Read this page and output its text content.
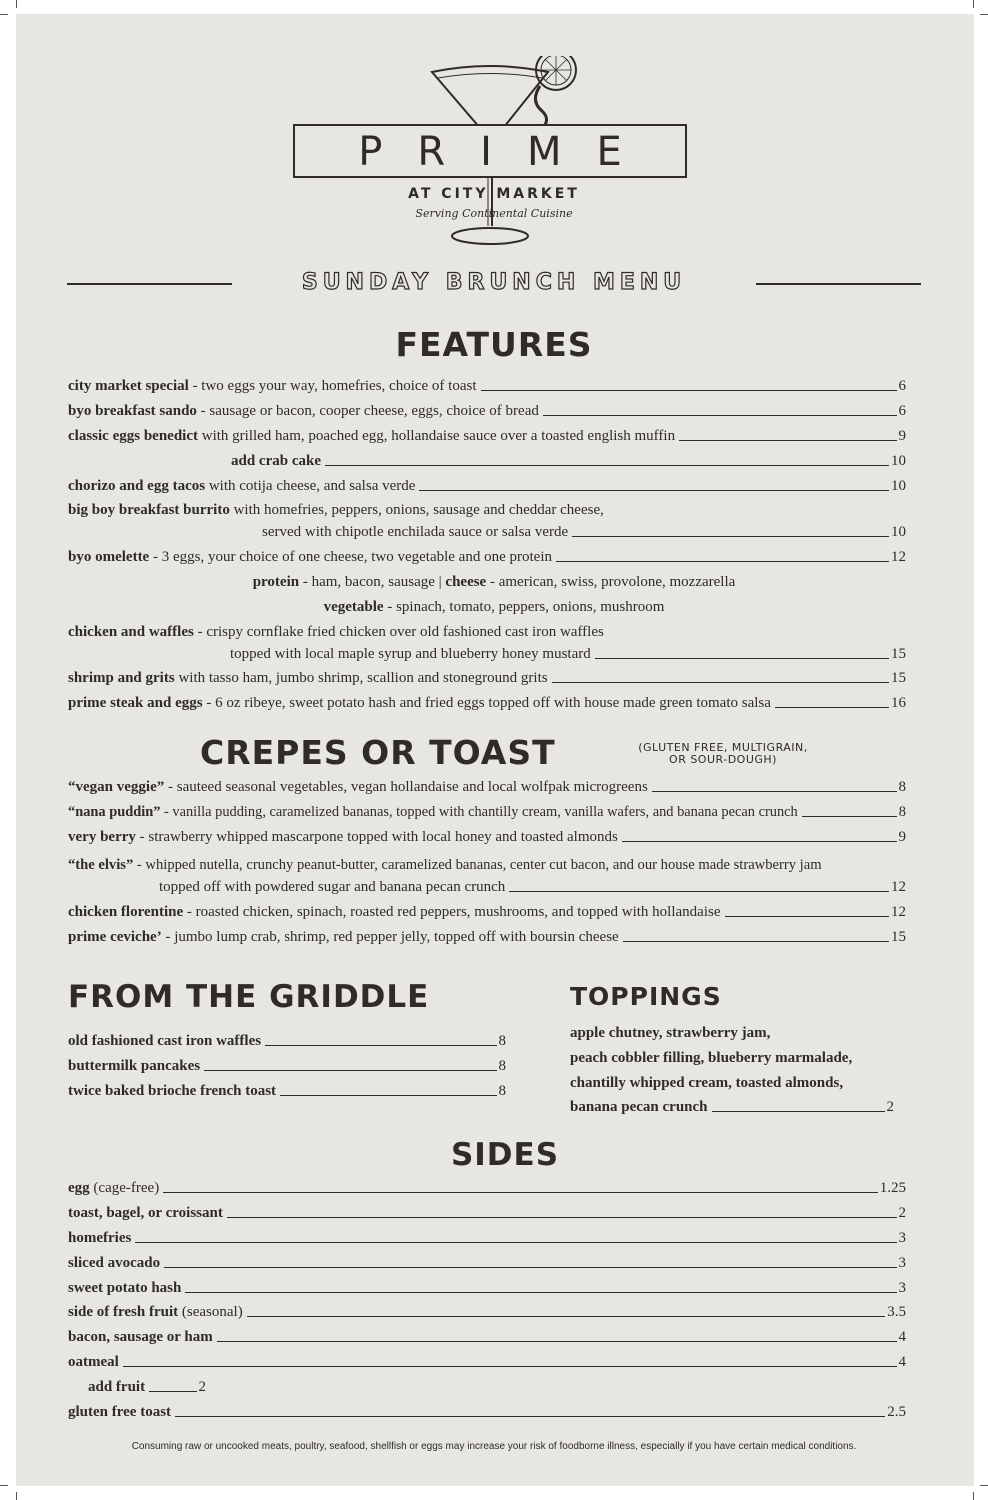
PRIME
AT CITY MARKET
Serving Continental Cuisine
SUNDAY BRUNCH MENU
FEATURES
city market special - two eggs your way, homefries, choice of toast	6
byo breakfast sando - sausage or bacon, cooper cheese, eggs, choice of bread	6
classic eggs benedict with grilled ham, poached egg, hollandaise sauce over a toasted english muffin	9
add crab cake	10
chorizo and egg tacos with cotija cheese, and salsa verde	10
big boy breakfast burrito with homefries, peppers, onions, sausage and cheddar cheese,
served with chipotle enchilada sauce or salsa verde	10
byo omelette - 3 eggs, your choice of one cheese, two vegetable and one protein	12
protein - ham, bacon, sausage | cheese - american, swiss, provolone, mozzarella
vegetable - spinach, tomato, peppers, onions, mushroom
chicken and waffles - crispy cornflake fried chicken over old fashioned cast iron waffles
topped with local maple syrup and blueberry honey mustard	15
shrimp and grits with tasso ham, jumbo shrimp, scallion and stoneground grits	15
prime steak and eggs - 6 oz ribeye, sweet potato hash and fried eggs topped off with house made green tomato salsa	16
CREPES OR TOAST	(GLUTEN FREE, MULTIGRAIN,
OR SOUR-DOUGH)
“vegan veggie” - sauteed seasonal vegetables, vegan hollandaise and local wolfpak microgreens	8
“nana puddin” - vanilla pudding, caramelized bananas, topped with chantilly cream, vanilla wafers, and banana pecan crunch	8
very berry - strawberry whipped mascarpone topped with local honey and toasted almonds	9
“the elvis” - whipped nutella, crunchy peanut-butter, caramelized bananas, center cut bacon, and our house made strawberry jam
topped off with powdered sugar and banana pecan crunch	12
chicken florentine - roasted chicken, spinach, roasted red peppers, mushrooms, and topped with hollandaise	12
prime ceviche’ - jumbo lump crab, shrimp, red pepper jelly, topped off with boursin cheese	15
FROM THE GRIDDLE
old fashioned cast iron waffles	8
buttermilk pancakes	8
twice baked brioche french toast	8
TOPPINGS
apple chutney, strawberry jam,
peach cobbler filling, blueberry marmalade,
chantilly whipped cream, toasted almonds,
banana pecan crunch	2
SIDES
egg (cage-free)	1.25
toast, bagel, or croissant	2
homefries	3
sliced avocado	3
sweet potato hash	3
side of fresh fruit (seasonal)	3.5
bacon, sausage or ham	4
oatmeal	4
add fruit	2
gluten free toast	2.5
Consuming raw or uncooked meats, poultry, seafood, shellfish or eggs may increase your risk of foodborne illness, especially if you have certain medical conditions.
